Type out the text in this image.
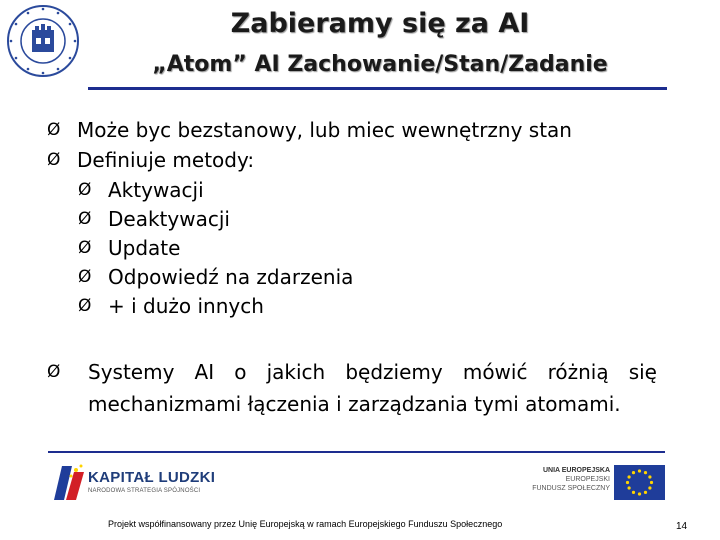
Zabieramy się za AI
„Atom” AI Zachowanie/Stan/Zadanie
Ø Może byc bezstanowy, lub miec wewnętrzny stan
Ø Definiuje metody:
Ø Aktywacji
Ø Deaktywacji
Ø Update
Ø Odpowiedź na zdarzenia
Ø + i dużo innych
Ø Systemy AI o jakich będziemy mówić różnią się
mechanizmami łączenia i zarządzania tymi atomami.
KAPITAŁ LUDZKI
NARODOWA STRATEGIA SPÓJNOŚCI
UNIA EUROPEJSKA
EUROPEJSKI
FUNDUSZ SPOŁECZNY
Projekt współfinansowany przez Unię Europejską w ramach Europejskiego Funduszu Społecznego	14
